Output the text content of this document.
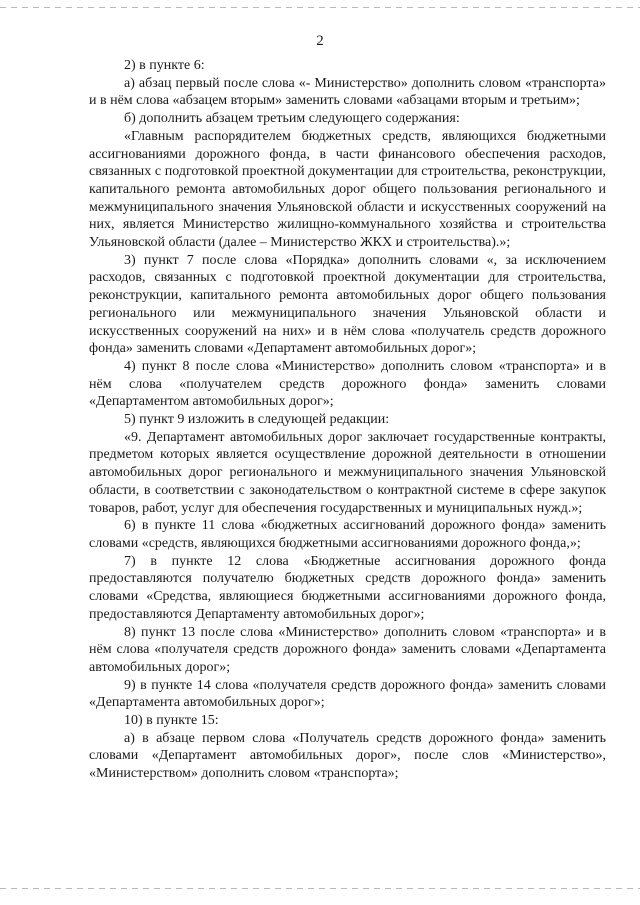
2

2) в пункте 6:

а) абзац первый после слова «- Министерство» дополнить словом «транспорта» и в нём слова «абзацем вторым» заменить словами «абзацами вторым и третьим»;

б) дополнить абзацем третьим следующего содержания:

«Главным распорядителем бюджетных средств, являющихся бюджетными ассигнованиями дорожного фонда, в части финансового обеспечения расходов, связанных с подготовкой проектной документации для строительства, реконструкции, капитального ремонта автомобильных дорог общего пользования регионального и межмуниципального значения Ульяновской области и искусственных сооружений на них, является Министерство жилищно-коммунального хозяйства и строительства Ульяновской области (далее – Министерство ЖКХ и строительства).»;

3) пункт 7 после слова «Порядка» дополнить словами «, за исключением расходов, связанных с подготовкой проектной документации для строительства, реконструкции, капитального ремонта автомобильных дорог общего пользования регионального или межмуниципального значения Ульяновской области и искусственных сооружений на них» и в нём слова «получатель средств дорожного фонда» заменить словами «Департамент автомобильных дорог»;

4) пункт 8 после слова «Министерство» дополнить словом «транспорта» и в нём слова «получателем средств дорожного фонда» заменить словами «Департаментом автомобильных дорог»;

5) пункт 9 изложить в следующей редакции:

«9. Департамент автомобильных дорог заключает государственные контракты, предметом которых является осуществление дорожной деятельности в отношении автомобильных дорог регионального и межмуниципального значения Ульяновской области, в соответствии с законодательством о контрактной системе в сфере закупок товаров, работ, услуг для обеспечения государственных и муниципальных нужд.»;

6) в пункте 11 слова «бюджетных ассигнований дорожного фонда» заменить словами «средств, являющихся бюджетными ассигнованиями дорожного фонда,»;

7) в пункте 12 слова «Бюджетные ассигнования дорожного фонда предоставляются получателю бюджетных средств дорожного фонда» заменить словами «Средства, являющиеся бюджетными ассигнованиями дорожного фонда, предоставляются Департаменту автомобильных дорог»;

8) пункт 13 после слова «Министерство» дополнить словом «транспорта» и в нём слова «получателя средств дорожного фонда» заменить словами «Департамента автомобильных дорог»;

9) в пункте 14 слова «получателя средств дорожного фонда» заменить словами «Департамента автомобильных дорог»;

10) в пункте 15:

а) в абзаце первом слова «Получатель средств дорожного фонда» заменить словами «Департамент автомобильных дорог», после слов «Министерство», «Министерством» дополнить словом «транспорта»;
